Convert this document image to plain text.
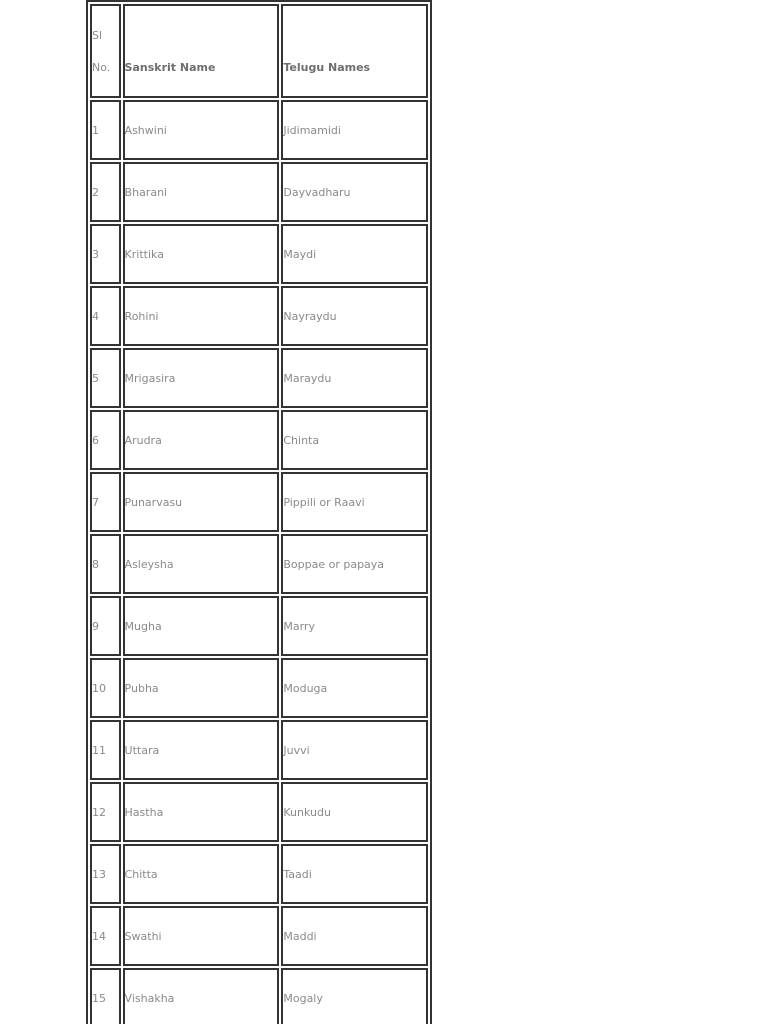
Sl
No.	Sanskrit Name	Telugu Names

1	Ashwini	Jidimamidi
2	Bharani	Dayvadharu
3	Krittika	Maydi
4	Rohini	Nayraydu
5	Mrigasira	Maraydu
6	Arudra	Chinta
7	Punarvasu	Pippili or Raavi
8	Asleysha	Boppae or papaya
9	Mugha	Marry
10	Pubha	Moduga
11	Uttara	Juvvi
12	Hastha	Kunkudu
13	Chitta	Taadi
14	Swathi	Maddi
15	Vishakha	Mogaly
